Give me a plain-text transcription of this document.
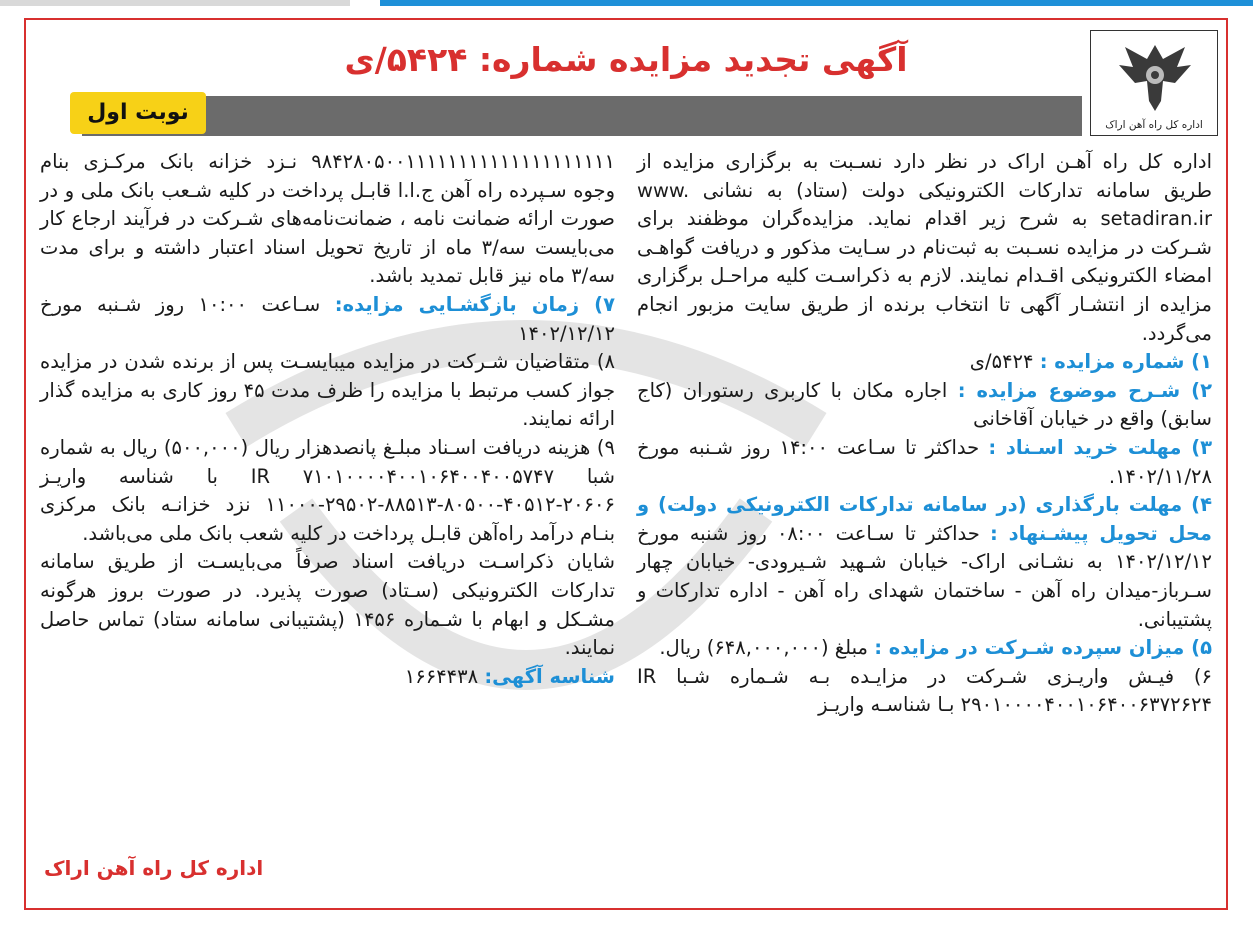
اداره کل راه آهن اراک
آگهی تجدید مزایده شماره: ۵۴۲۴/ی
نوبت اول

اداره کل راه آهـن اراک در نظر دارد نسـبت به برگزاری مزایده از طریق سامانه تدارکات الکترونیکی دولت (ستاد) به نشانی www. setadiran.ir به شرح زیر اقدام نماید. مزایده‌گران موظفند برای شـرکت در مزایده نسـبت به ثبت‌نام در سـایت مذکور و دریافت گواهـی امضاء الکترونیکی اقـدام نمایند. لازم به ذکراسـت کلیه مراحـل برگزاری مزایده از انتشـار آگهی تا انتخاب برنده از طریق سایت مزبور انجام می‌گردد.

۱) شماره مزایده : ۵۴۲۴/ی

۲) شـرح موضوع مزایده : اجاره مکان با کاربری رستوران (کاج سابق) واقع در خیابان آقاخانی

۳) مهلت خرید اسـناد : حداکثر تا سـاعت ۱۴:۰۰ روز شـنبه مورخ ۱۴۰۲/۱۱/۲۸.

۴) مهلت بارگذاری (در سامانه تدارکات الکترونیکی دولت) و محل تحویل پیشـنهاد : حداکثر تا سـاعت ۰۸:۰۰ روز شنبه مورخ ۱۴۰۲/۱۲/۱۲ به نشـانی اراک- خیابان شـهید شـیرودی- خیابان چهار سـرباز-میدان راه آهن - ساختمان شهدای راه آهن - اداره تدارکات و پشتیبانی.

۵) میزان سپرده شـرکت در مزایده : مبلغ (۶۴۸,۰۰۰,۰۰۰) ریال.

۶) فیـش واریـزی شـرکت در مزایـده بـه شـماره شـبا IR ۲۹۰۱۰۰۰۰۴۰۰۱۰۶۴۰۰۶۳۷۲۶۲۴ بـا شناسـه واریـز

۹۸۴۲۸۰۵۰۰۱۱۱۱۱۱۱۱۱۱۱۱۱۱۱۱۱۱۱۱ نـزد خزانه بانک مرکـزی بنام وجوه سـپرده راه آهن ج.ا.ا قابـل پرداخت در کلیه شـعب بانک ملی و در صورت ارائه ضمانت نامه ، ضمانت‌نامه‌های شـرکت در فرآیند ارجاع کار می‌بایست سه/۳ ماه از تاریخ تحویل اسناد اعتبار داشته و برای مدت سه/۳ ماه نیز قابل تمدید باشد.

۷) زمان بازگشـایی مزایده: سـاعت ۱۰:۰۰ روز شـنبه مورخ ۱۴۰۲/۱۲/۱۲

۸) متقاضیان شـرکت در مزایده میبایسـت پس از برنده شدن در مزایده جواز کسب مرتبط با مزایده را ظرف مدت ۴۵ روز کاری به مزایده گذار ارائه نمایند.

۹) هزینه دریافت اسـناد مبلـغ پانصدهزار ریال (۵۰۰,۰۰۰) ریال به شماره شبا IR ۷۱۰۱۰۰۰۰۴۰۰۱۰۶۴۰۰۴۰۰۵۷۴۷ با شناسه واریـز ۲۰۶۰۶-۴۰۵۱۲-۸۰۵۰۰-۸۸۵۱۳-۲۹۵۰۲-۱۱۰۰۰ نزد خزانـه بانک مرکزی بنـام درآمد راه‌آهن قابـل پرداخت در کلیه شعب بانک ملی می‌باشد.

شایان ذکراسـت دریافت اسناد صرفاً می‌بایسـت از طریق سامانه تدارکات الکترونیکی (سـتاد) صورت پذیرد. در صورت بروز هرگونه مشـکل و ابهام با شـماره ۱۴۵۶ (پشتیبانی سامانه ستاد) تماس حاصل نمایند.

شناسه آگهی: ۱۶۶۴۴۳۸

اداره کل راه آهن اراک
